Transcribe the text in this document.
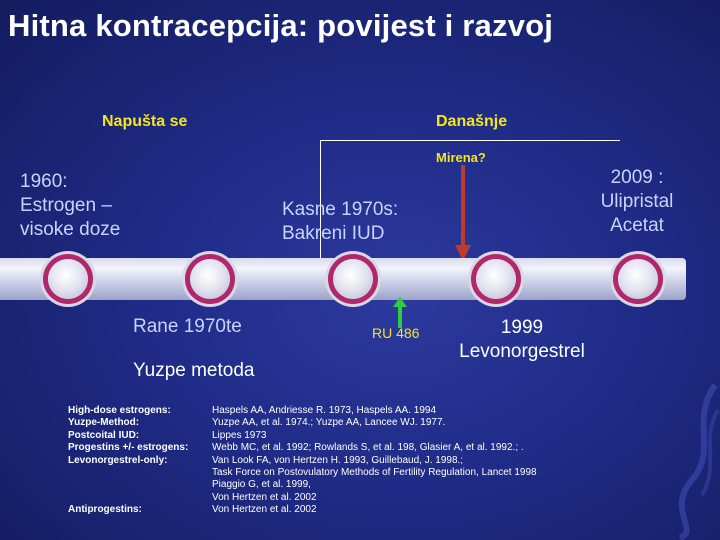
Hitna kontracepcija: povijest i razvoj
Napušta se	Današnje
Mirena?
1960:
Estrogen –
visoke doze
Kasne 1970s:
Bakreni IUD
2009 :
Ulipristal
Acetat
Rane 1970te
Yuzpe metoda
RU 486	1999
Levonorgestrel
High-dose estrogens:
Yuzpe-Method:
Postcoital IUD:
Progestins +/- estrogens:
Levonorgestrel-only:
Antiprogestins:
Haspels AA, Andriesse R. 1973, Haspels AA. 1994
Yuzpe AA, et al. 1974.; Yuzpe AA, Lancee WJ. 1977.
Lippes 1973
Webb MC, et al. 1992; Rowlands S, et al. 198, Glasier A, et al. 1992.; .
Van Look FA, von Hertzen H. 1993, Guillebaud, J. 1998.;
Task Force on Postovulatory Methods of Fertility Regulation, Lancet 1998
Piaggio G, et al. 1999,
Von Hertzen et al. 2002
Von Hertzen et al. 2002
